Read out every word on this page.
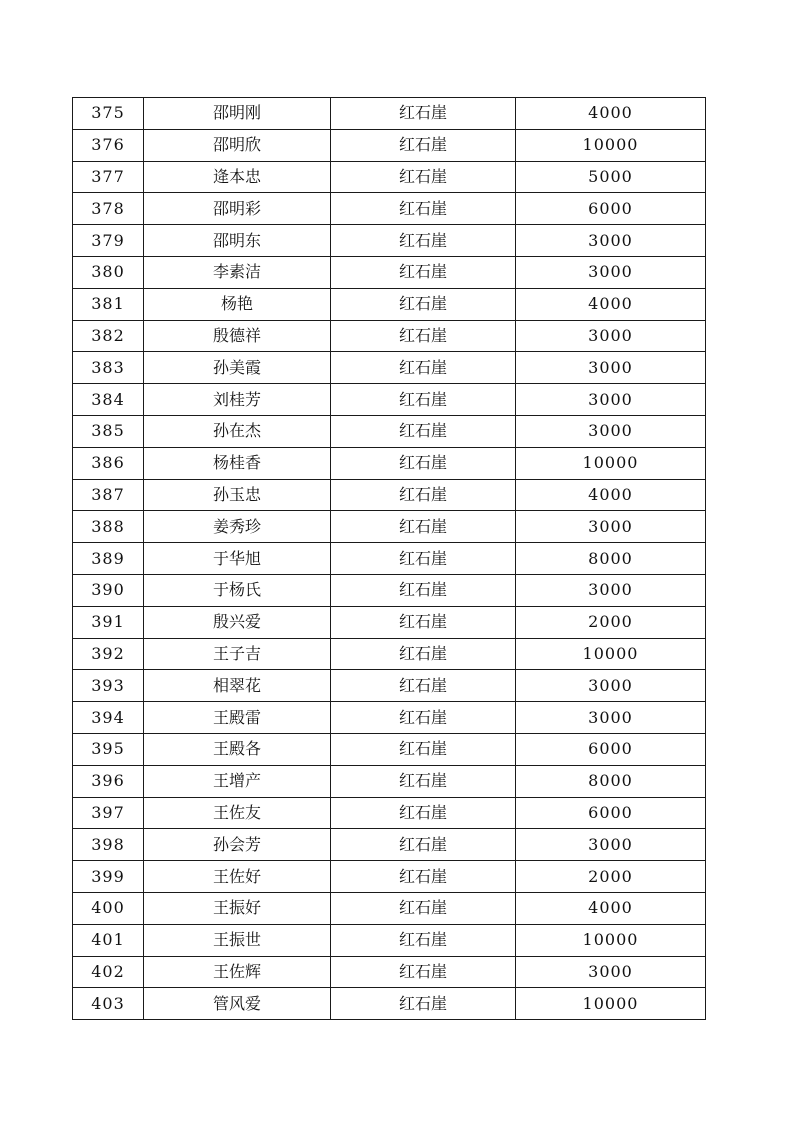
375	邵明刚	红石崖	4000
376	邵明欣	红石崖	10000
377	逄本忠	红石崖	5000
378	邵明彩	红石崖	6000
379	邵明东	红石崖	3000
380	李素洁	红石崖	3000
381	杨艳	红石崖	4000
382	殷德祥	红石崖	3000
383	孙美霞	红石崖	3000
384	刘桂芳	红石崖	3000
385	孙在杰	红石崖	3000
386	杨桂香	红石崖	10000
387	孙玉忠	红石崖	4000
388	姜秀珍	红石崖	3000
389	于华旭	红石崖	8000
390	于杨氏	红石崖	3000
391	殷兴爱	红石崖	2000
392	王子吉	红石崖	10000
393	相翠花	红石崖	3000
394	王殿雷	红石崖	3000
395	王殿各	红石崖	6000
396	王增产	红石崖	8000
397	王佐友	红石崖	6000
398	孙会芳	红石崖	3000
399	王佐好	红石崖	2000
400	王振好	红石崖	4000
401	王振世	红石崖	10000
402	王佐辉	红石崖	3000
403	管风爱	红石崖	10000
